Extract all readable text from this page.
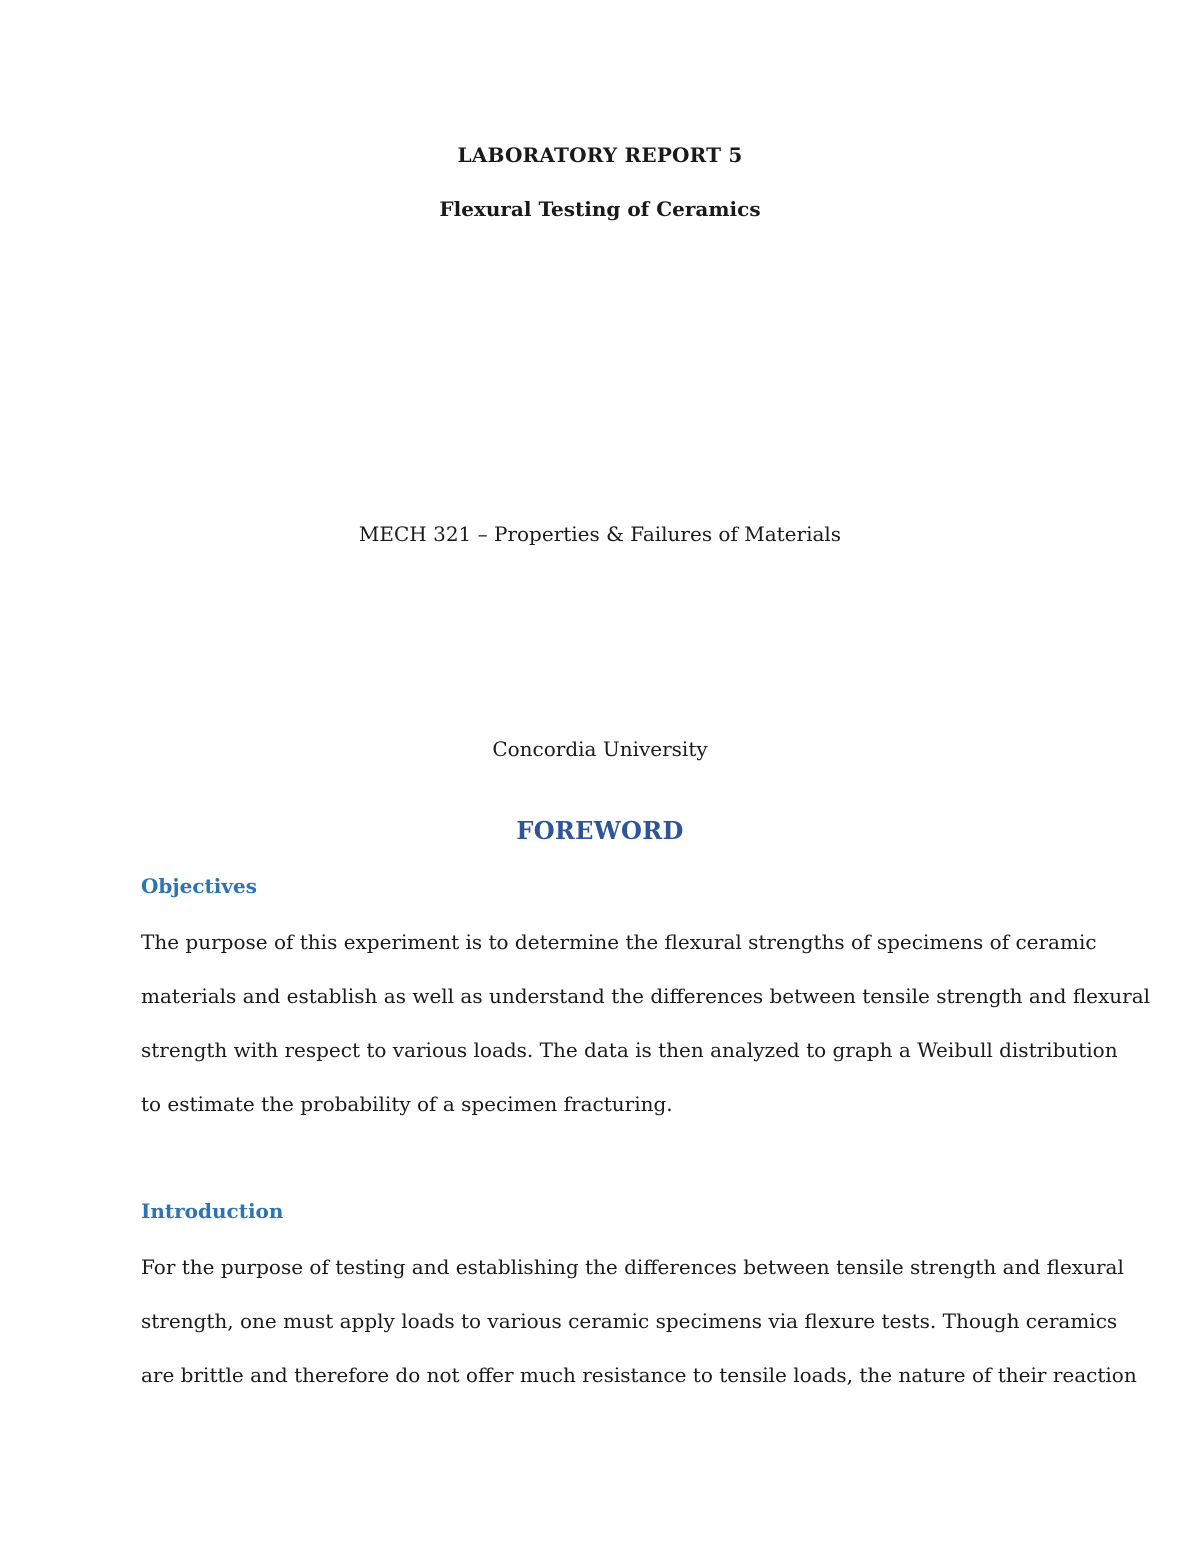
LABORATORY REPORT 5
Flexural Testing of Ceramics
MECH 321 – Properties & Failures of Materials
Concordia University
FOREWORD
Objectives
The purpose of this experiment is to determine the flexural strengths of specimens of ceramic
materials and establish as well as understand the differences between tensile strength and flexural
strength with respect to various loads. The data is then analyzed to graph a Weibull distribution
to estimate the probability of a specimen fracturing.
Introduction
For the purpose of testing and establishing the differences between tensile strength and flexural
strength, one must apply loads to various ceramic specimens via flexure tests. Though ceramics
are brittle and therefore do not offer much resistance to tensile loads, the nature of their reaction
